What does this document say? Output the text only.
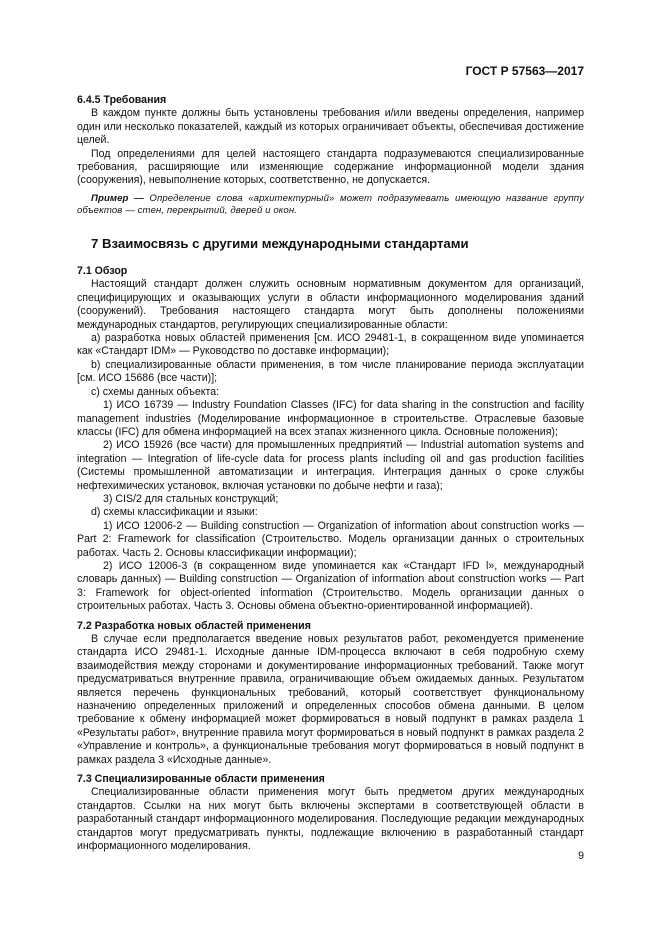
ГОСТ Р 57563—2017

6.4.5 Требования

В каждом пункте должны быть установлены требования и/или введены определения, например один или несколько показателей, каждый из которых ограничивает объекты, обеспечивая достижение целей.

Под определениями для целей настоящего стандарта подразумеваются специализированные требования, расширяющие или изменяющие содержание информационной модели здания (сооружения), невыполнение которых, соответственно, не допускается.

Пример — Определение слова «архитектурный» может подразумевать имеющую название группу объектов — стен, перекрытий, дверей и окон.

7 Взаимосвязь с другими международными стандартами

7.1 Обзор

Настоящий стандарт должен служить основным нормативным документом для организаций, специфицирующих и оказывающих услуги в области информационного моделирования зданий (сооружений). Требования настоящего стандарта могут быть дополнены положениями международных стандартов, регулирующих специализированные области:

a) разработка новых областей применения [см. ИСО 29481-1, в сокращенном виде упоминается как «Стандарт IDM» — Руководство по доставке информации);

b) специализированные области применения, в том числе планирование периода эксплуатации [см. ИСО 15686 (все части)];

c) схемы данных объекта:

1) ИСО 16739 — Industry Foundation Classes (IFC) for data sharing in the construction and facility management industries (Моделирование информационное в строительстве. Отраслевые базовые классы (IFC) для обмена информацией на всех этапах жизненного цикла. Основные положения);

2) ИСО 15926 (все части) для промышленных предприятий — Industrial automation systems and integration — Integration of life-cycle data for process plants including oil and gas production facilities (Системы промышленной автоматизации и интеграция. Интеграция данных о сроке службы нефтехимических установок, включая установки по добыче нефти и газа);

3) CIS/2 для стальных конструкций;

d) схемы классификации и языки:

1) ИСО 12006-2 — Building construction — Organization of information about construction works — Part 2: Framework for classification (Строительство. Модель организации данных о строительных работах. Часть 2. Основы классификации информации);

2) ИСО 12006-3 (в сокращенном виде упоминается как «Стандарт IFD l», международный словарь данных) — Building construction — Organization of information about construction works — Part 3: Framework for object-oriented information (Строительство. Модель организации данных о строительных работах. Часть 3. Основы обмена объектно-ориентированной информацией).

7.2 Разработка новых областей применения

В случае если предполагается введение новых результатов работ, рекомендуется применение стандарта ИСО 29481-1. Исходные данные IDM-процесса включают в себя подробную схему взаимодействия между сторонами и документирование информационных требований. Также могут предусматриваться внутренние правила, ограничивающие объем ожидаемых данных. Результатом является перечень функциональных требований, который соответствует функциональному назначению определенных приложений и определенных способов обмена данными. В целом требование к обмену информацией может формироваться в новый подпункт в рамках раздела 1 «Результаты работ», внутренние правила могут формироваться в новый подпункт в рамках раздела 2 «Управление и контроль», а функциональные требования могут формироваться в новый подпункт в рамках раздела 3 «Исходные данные».

7.3 Специализированные области применения

Специализированные области применения могут быть предметом других международных стандартов. Ссылки на них могут быть включены экспертами в соответствующей области в разработанный стандарт информационного моделирования. Последующие редакции международных стандартов могут предусматривать пункты, подлежащие включению в разработанный стандарт информационного моделирования.

9
